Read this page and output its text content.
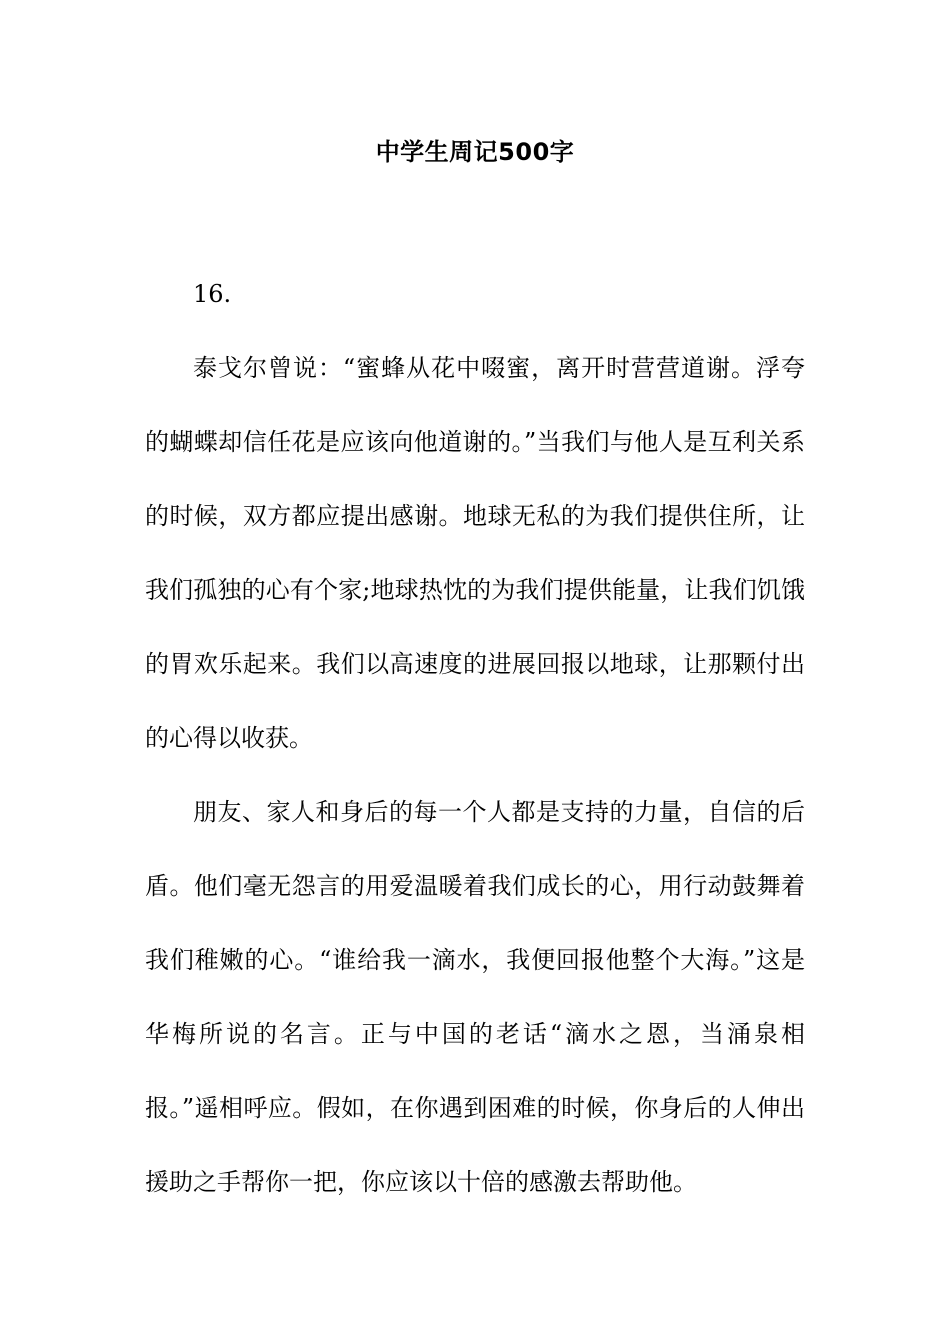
中学生周记500字

16.

泰戈尔曾说：“蜜蜂从花中啜蜜，离开时营营道谢。浮夸的蝴蝶却信任花是应该向他道谢的。”当我们与他人是互利关系的时候，双方都应提出感谢。地球无私的为我们提供住所，让我们孤独的心有个家;地球热忱的为我们提供能量，让我们饥饿的胃欢乐起来。我们以高速度的进展回报以地球，让那颗付出的心得以收获。

朋友、家人和身后的每一个人都是支持的力量，自信的后盾。他们毫无怨言的用爱温暖着我们成长的心，用行动鼓舞着我们稚嫩的心。“谁给我一滴水，我便回报他整个大海。”这是华梅所说的名言。正与中国的老话“滴水之恩，当涌泉相报。”遥相呼应。假如，在你遇到困难的时候，你身后的人伸出援助之手帮你一把，你应该以十倍的感激去帮助他。
